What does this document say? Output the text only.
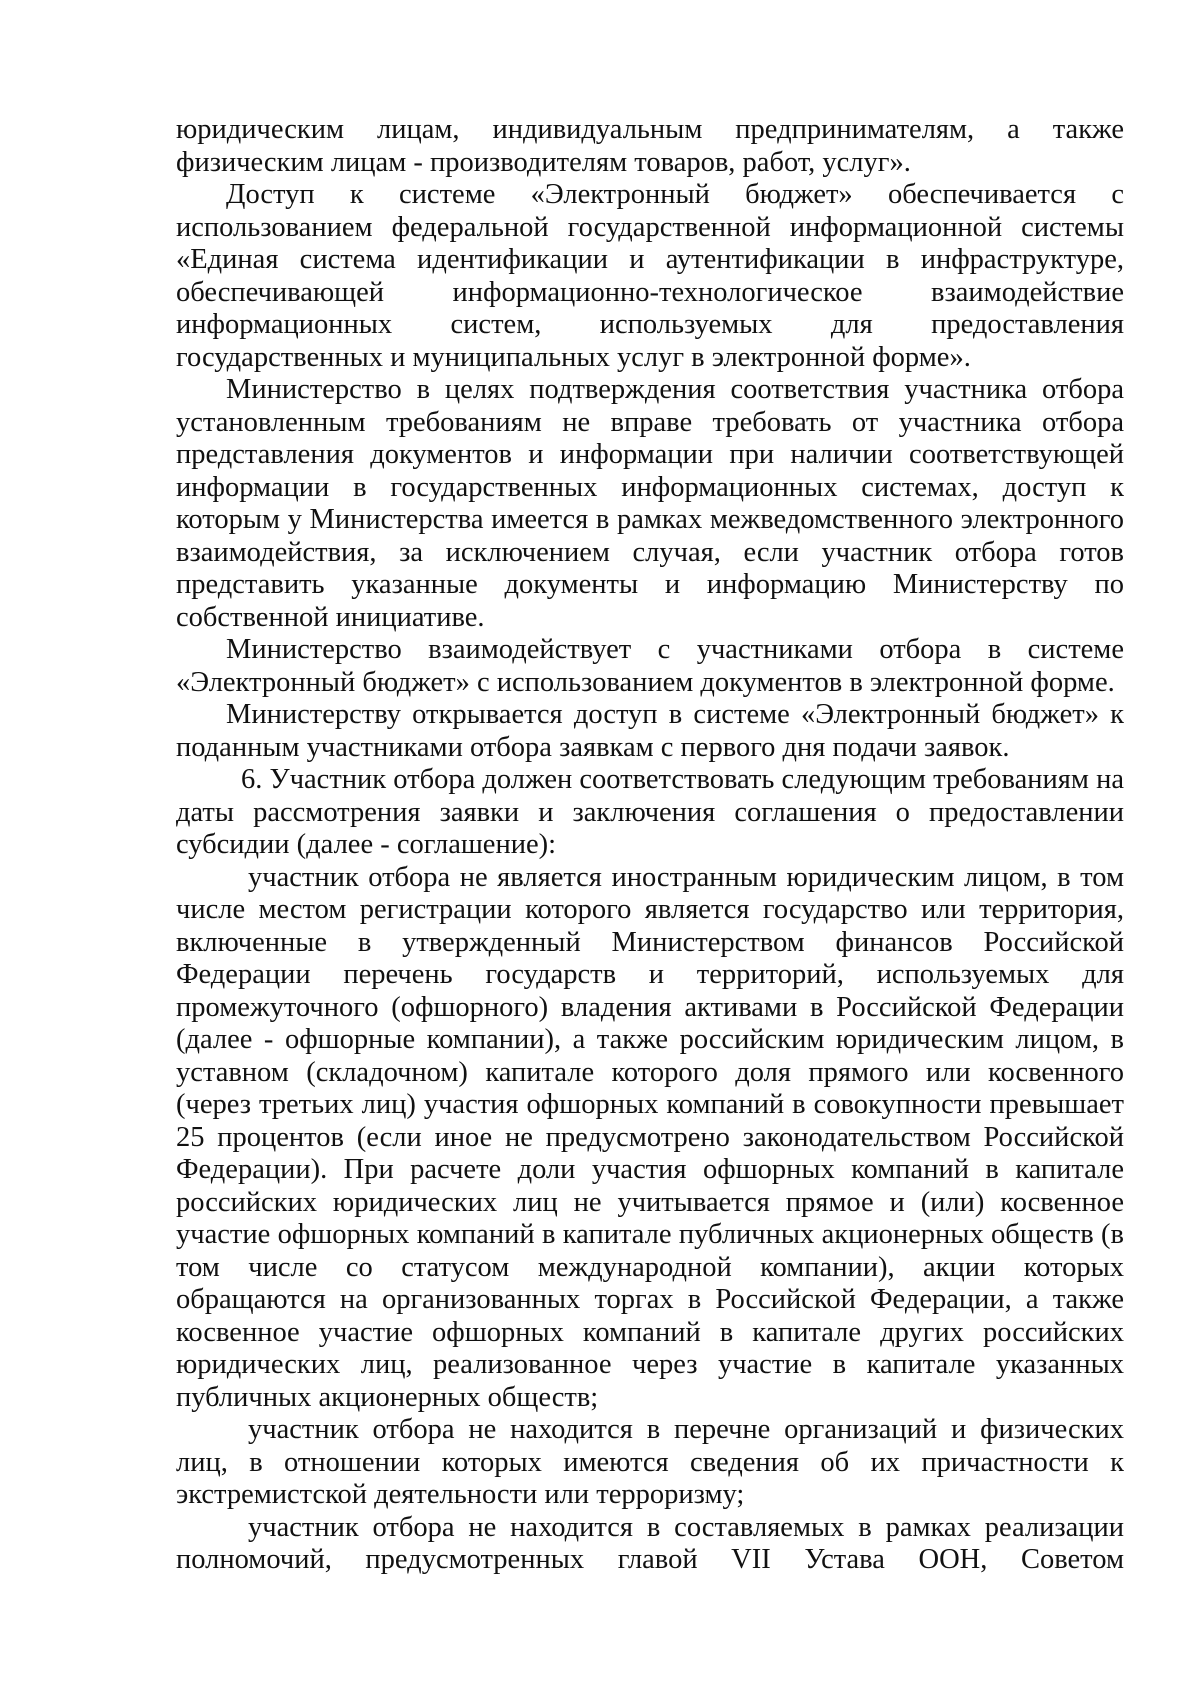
юридическим лицам, индивидуальным предпринимателям, а также физическим лицам - производителям товаров, работ, услуг».

Доступ к системе «Электронный бюджет» обеспечивается с использованием федеральной государственной информационной системы «Единая система идентификации и аутентификации в инфраструктуре, обеспечивающей информационно-технологическое взаимодействие информационных систем, используемых для предоставления государственных и муниципальных услуг в электронной форме».

Министерство в целях подтверждения соответствия участника отбора установленным требованиям не вправе требовать от участника отбора представления документов и информации при наличии соответствующей информации в государственных информационных системах, доступ к которым у Министерства имеется в рамках межведомственного электронного взаимодействия, за исключением случая, если участник отбора готов представить указанные документы и информацию Министерству по собственной инициативе.

Министерство взаимодействует с участниками отбора в системе «Электронный бюджет» с использованием документов в электронной форме.

Министерству открывается доступ в системе «Электронный бюджет» к поданным участниками отбора заявкам с первого дня подачи заявок.

6. Участник отбора должен соответствовать следующим требованиям на даты рассмотрения заявки и заключения соглашения о предоставлении субсидии (далее - соглашение):

участник отбора не является иностранным юридическим лицом, в том числе местом регистрации которого является государство или территория, включенные в утвержденный Министерством финансов Российской Федерации перечень государств и территорий, используемых для промежуточного (офшорного) владения активами в Российской Федерации (далее - офшорные компании), а также российским юридическим лицом, в уставном (складочном) капитале которого доля прямого или косвенного (через третьих лиц) участия офшорных компаний в совокупности превышает 25 процентов (если иное не предусмотрено законодательством Российской Федерации). При расчете доли участия офшорных компаний в капитале российских юридических лиц не учитывается прямое и (или) косвенное участие офшорных компаний в капитале публичных акционерных обществ (в том числе со статусом международной компании), акции которых обращаются на организованных торгах в Российской Федерации, а также косвенное участие офшорных компаний в капитале других российских юридических лиц, реализованное через участие в капитале указанных публичных акционерных обществ;

участник отбора не находится в перечне организаций и физических лиц, в отношении которых имеются сведения об их причастности к экстремистской деятельности или терроризму;

участник отбора не находится в составляемых в рамках реализации полномочий, предусмотренных главой VII Устава ООН, Советом
